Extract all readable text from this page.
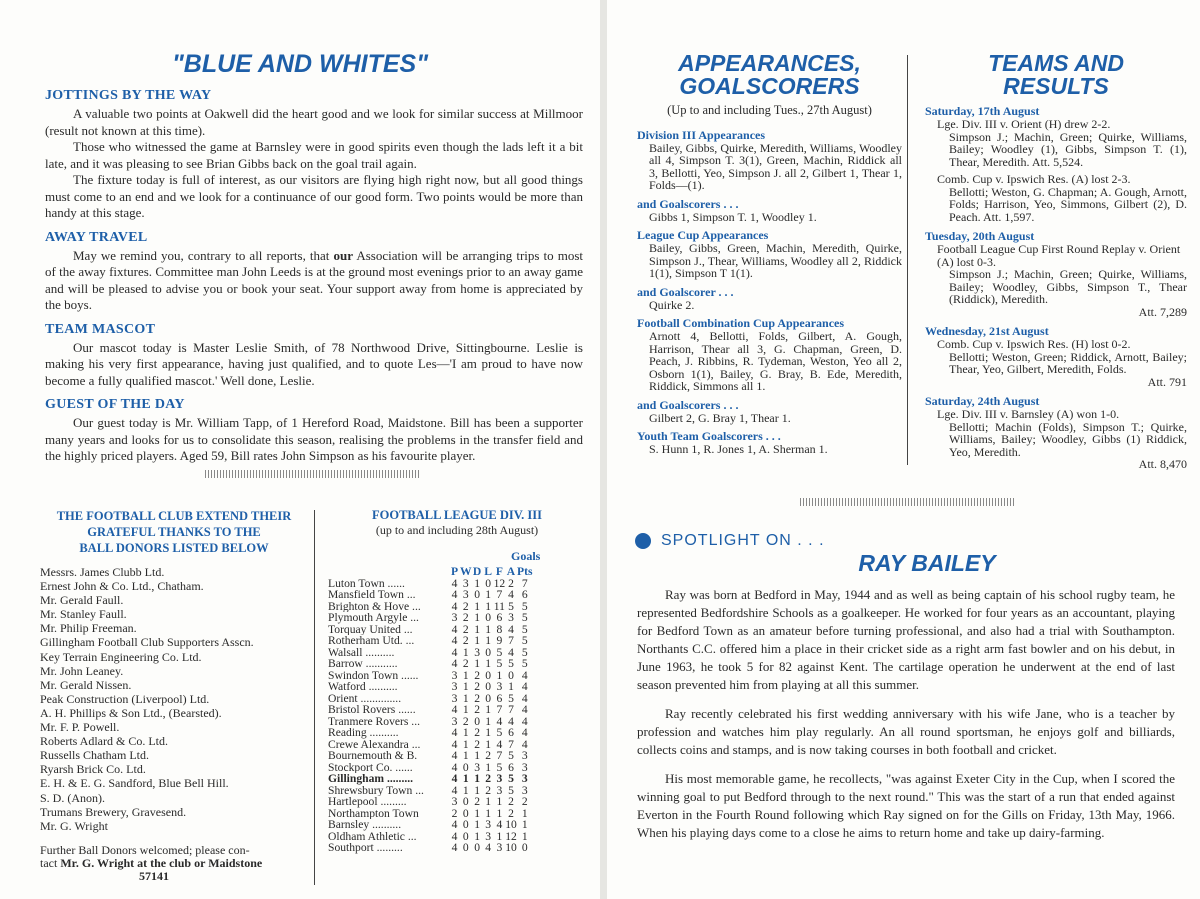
"BLUE AND WHITES"
JOTTINGS BY THE WAY

A valuable two points at Oakwell did the heart good and we look for similar success at Millmoor (result not known at this time).

Those who witnessed the game at Barnsley were in good spirits even though the lads left it a bit late, and it was pleasing to see Brian Gibbs back on the goal trail again.

The fixture today is full of interest, as our visitors are flying high right now, but all good things must come to an end and we look for a continuance of our good form. Two points would be more than handy at this stage.

AWAY TRAVEL

May we remind you, contrary to all reports, that our Association will be arranging trips to most of the away fixtures. Committee man John Leeds is at the ground most evenings prior to an away game and will be pleased to advise you or book your seat. Your support away from home is appreciated by the boys.

TEAM MASCOT

Our mascot today is Master Leslie Smith, of 78 Northwood Drive, Sittingbourne. Leslie is making his very first appearance, having just qualified, and to quote Les—'I am proud to have now become a fully qualified mascot.' Well done, Leslie.

GUEST OF THE DAY

Our guest today is Mr. William Tapp, of 1 Hereford Road, Maidstone. Bill has been a supporter many years and looks for us to consolidate this season, realising the problems in the transfer field and the highly priced players. Aged 59, Bill rates John Simpson as his favourite player.

THE FOOTBALL CLUB EXTEND THEIR
GRATEFUL THANKS TO THE
BALL DONORS LISTED BELOW

Messrs. James Clubb Ltd.

Ernest John & Co. Ltd., Chatham.

Mr. Gerald Faull.

Mr. Stanley Faull.

Mr. Philip Freeman.

Gillingham Football Club Supporters Asscn.

Key Terrain Engineering Co. Ltd.

Mr. John Leaney.

Mr. Gerald Nissen.

Peak Construction (Liverpool) Ltd.

A. H. Phillips & Son Ltd., (Bearsted).

Mr. F. P. Powell.

Roberts Adlard & Co. Ltd.

Russells Chatham Ltd.

Ryarsh Brick Co. Ltd.

E. H. & E. G. Sandford, Blue Bell Hill.

S. D. (Anon).

Trumans Brewery, Gravesend.

Mr. G. Wright

Further Ball Donors welcomed; please con-
tact Mr. G. Wright at the club or Maidstone
57141
FOOTBALL LEAGUE DIV. III
(up to and including 28th August)
Goals
	P	W	D	L	F	A	Pts
Luton Town ......	4	3	1	0	12	2	7
Mansfield Town ...	4	3	0	1	7	4	6
Brighton & Hove ...	4	2	1	1	11	5	5
Plymouth Argyle ...	3	2	1	0	6	3	5
Torquay United ...	4	2	1	1	8	4	5
Rotherham Utd. ...	4	2	1	1	9	7	5
Walsall ..........	4	1	3	0	5	4	5
Barrow ...........	4	2	1	1	5	5	5
Swindon Town ......	3	1	2	0	1	0	4
Watford ..........	3	1	2	0	3	1	4
Orient ..............	3	1	2	0	6	5	4
Bristol Rovers ......	4	1	2	1	7	7	4
Tranmere Rovers ...	3	2	0	1	4	4	4
Reading ..........	4	1	2	1	5	6	4
Crewe Alexandra ...	4	1	2	1	4	7	4
Bournemouth & B.	4	1	1	2	7	5	3
Stockport Co. ......	4	0	3	1	5	6	3
Gillingham .........	4	1	1	2	3	5	3
Shrewsbury Town ...	4	1	1	2	3	5	3
Hartlepool .........	3	0	2	1	1	2	2
Northampton Town	2	0	1	1	1	2	1
Barnsley ..........	4	0	1	3	4	10	1
Oldham Athletic ...	4	0	1	3	1	12	1
Southport .........	4	0	0	4	3	10	0
APPEARANCES,
GOALSCORERS
(Up to and including Tues., 27th August)
Division III Appearances
Bailey, Gibbs, Quirke, Meredith, Williams, Woodley all 4, Simpson T. 3(1), Green, Machin, Riddick all 3, Bellotti, Yeo, Simpson J. all 2, Gilbert 1, Thear 1, Folds—(1).
and Goalscorers . . .
Gibbs 1, Simpson T. 1, Woodley 1.
League Cup Appearances
Bailey, Gibbs, Green, Machin, Meredith, Quirke, Simpson J., Thear, Williams, Woodley all 2, Riddick 1(1), Simpson T 1(1).
and Goalscorer . . .
Quirke 2.
Football Combination Cup Appearances
Arnott 4, Bellotti, Folds, Gilbert, A. Gough, Harrison, Thear all 3, G. Chapman, Green, D. Peach, J. Ribbins, R. Tydeman, Weston, Yeo all 2, Osborn 1(1), Bailey, G. Bray, B. Ede, Meredith, Riddick, Simmons all 1.
and Goalscorers . . .
Gilbert 2, G. Bray 1, Thear 1.
Youth Team Goalscorers . . .
S. Hunn 1, R. Jones 1, A. Sherman 1.
TEAMS AND
RESULTS
Saturday, 17th August
Lge. Div. III v. Orient (H) drew 2-2.
Simpson J.; Machin, Green; Quirke, Williams, Bailey; Woodley (1), Gibbs, Simpson T. (1), Thear, Meredith. Att. 5,524.
Comb. Cup v. Ipswich Res. (A) lost 2-3.
Bellotti; Weston, G. Chapman; A. Gough, Arnott, Folds; Harrison, Yeo, Simmons, Gilbert (2), D. Peach. Att. 1,597.
Tuesday, 20th August
Football League Cup First Round Replay v. Orient (A) lost 0-3.
Simpson J.; Machin, Green; Quirke, Williams, Bailey; Woodley, Gibbs, Simpson T., Thear (Riddick), Meredith.
Att. 7,289
Wednesday, 21st August
Comb. Cup v. Ipswich Res. (H) lost 0-2.
Bellotti; Weston, Green; Riddick, Arnott, Bailey; Thear, Yeo, Gilbert, Meredith, Folds.
Att. 791
Saturday, 24th August
Lge. Div. III v. Barnsley (A) won 1-0.
Bellotti; Machin (Folds), Simpson T.; Quirke, Williams, Bailey; Woodley, Gibbs (1) Riddick, Yeo, Meredith.
Att. 8,470
SPOTLIGHT ON . . .
RAY BAILEY

Ray was born at Bedford in May, 1944 and as well as being captain of his school rugby team, he represented Bedfordshire Schools as a goalkeeper. He worked for four years as an accountant, playing for Bedford Town as an amateur before turning professional, and also had a trial with Southampton. Northants C.C. offered him a place in their cricket side as a right arm fast bowler and on his debut, in June 1963, he took 5 for 82 against Kent. The cartilage operation he underwent at the end of last season prevented him from playing at all this summer.

Ray recently celebrated his first wedding anniversary with his wife Jane, who is a teacher by profession and watches him play regularly. An all round sportsman, he enjoys golf and billiards, collects coins and stamps, and is now taking courses in both football and cricket.

His most memorable game, he recollects, "was against Exeter City in the Cup, when I scored the winning goal to put Bedford through to the next round." This was the start of a run that ended against Everton in the Fourth Round following which Ray signed on for the Gills on Friday, 13th May, 1966. When his playing days come to a close he aims to return home and take up dairy-farming.
